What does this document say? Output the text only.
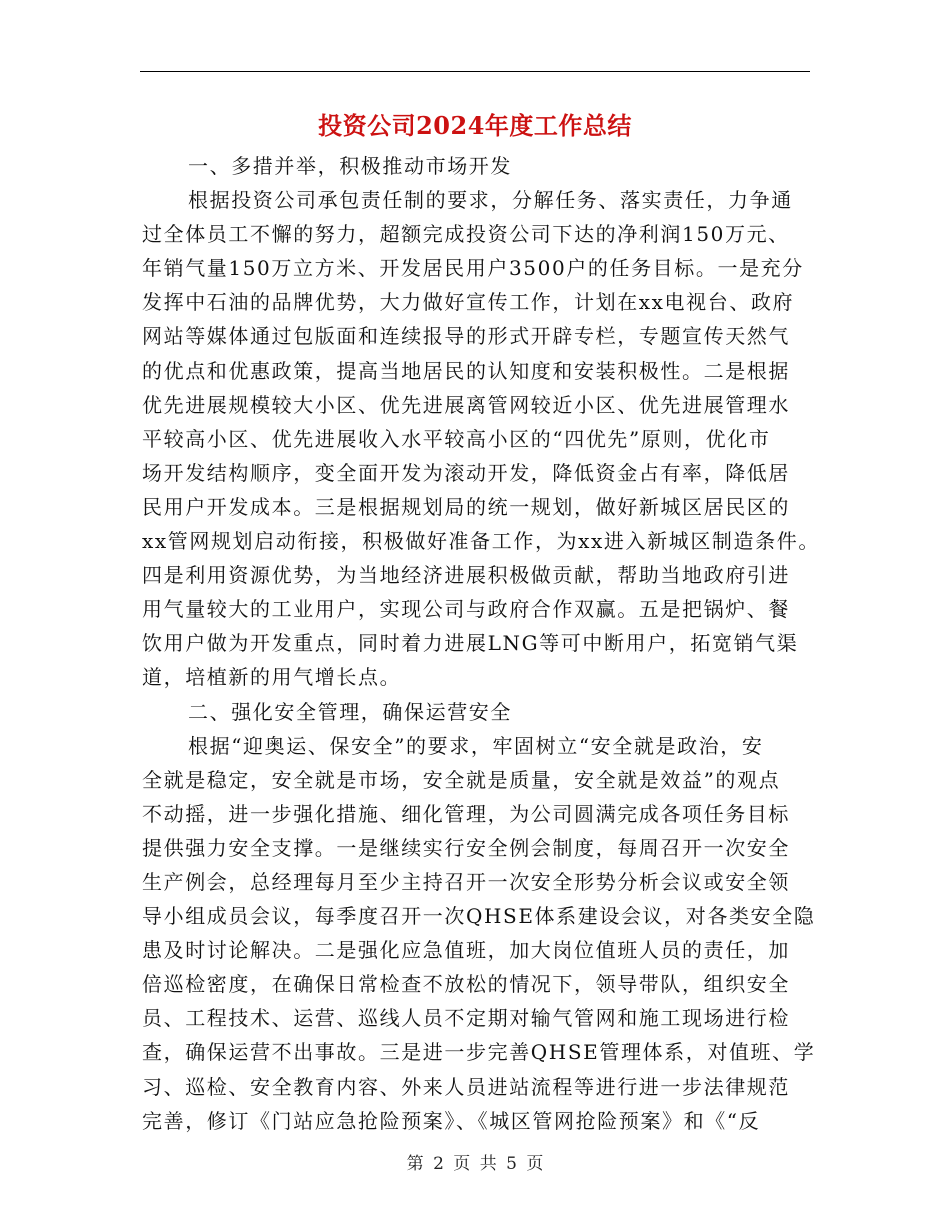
投资公司2024年度工作总结
一、多措并举，积极推动市场开发
根据投资公司承包责任制的要求，分解任务、落实责任，力争通
过全体员工不懈的努力，超额完成投资公司下达的净利润150万元、
年销气量150万立方米、开发居民用户3500户的任务目标。一是充分
发挥中石油的品牌优势，大力做好宣传工作，计划在xx电视台、政府
网站等媒体通过包版面和连续报导的形式开辟专栏，专题宣传天然气
的优点和优惠政策，提高当地居民的认知度和安装积极性。二是根据
优先进展规模较大小区、优先进展离管网较近小区、优先进展管理水
平较高小区、优先进展收入水平较高小区的“四优先”原则，优化市
场开发结构顺序，变全面开发为滚动开发，降低资金占有率，降低居
民用户开发成本。三是根据规划局的统一规划，做好新城区居民区的
xx管网规划启动衔接，积极做好准备工作，为xx进入新城区制造条件。
四是利用资源优势，为当地经济进展积极做贡献，帮助当地政府引进
用气量较大的工业用户，实现公司与政府合作双赢。五是把锅炉、餐
饮用户做为开发重点，同时着力进展LNG等可中断用户，拓宽销气渠
道，培植新的用气增长点。
二、强化安全管理，确保运营安全
根据“迎奥运、保安全”的要求，牢固树立“安全就是政治，安
全就是稳定，安全就是市场，安全就是质量，安全就是效益”的观点
不动摇，进一步强化措施、细化管理，为公司圆满完成各项任务目标
提供强力安全支撑。一是继续实行安全例会制度，每周召开一次安全
生产例会，总经理每月至少主持召开一次安全形势分析会议或安全领
导小组成员会议，每季度召开一次QHSE体系建设会议，对各类安全隐
患及时讨论解决。二是强化应急值班，加大岗位值班人员的责任，加
倍巡检密度，在确保日常检查不放松的情况下，领导带队，组织安全
员、工程技术、运营、巡线人员不定期对输气管网和施工现场进行检
查，确保运营不出事故。三是进一步完善QHSE管理体系，对值班、学
习、巡检、安全教育内容、外来人员进站流程等进行进一步法律规范
完善，修订《门站应急抢险预案》、《城区管网抢险预案》和《“反
第 2 页 共 5 页
